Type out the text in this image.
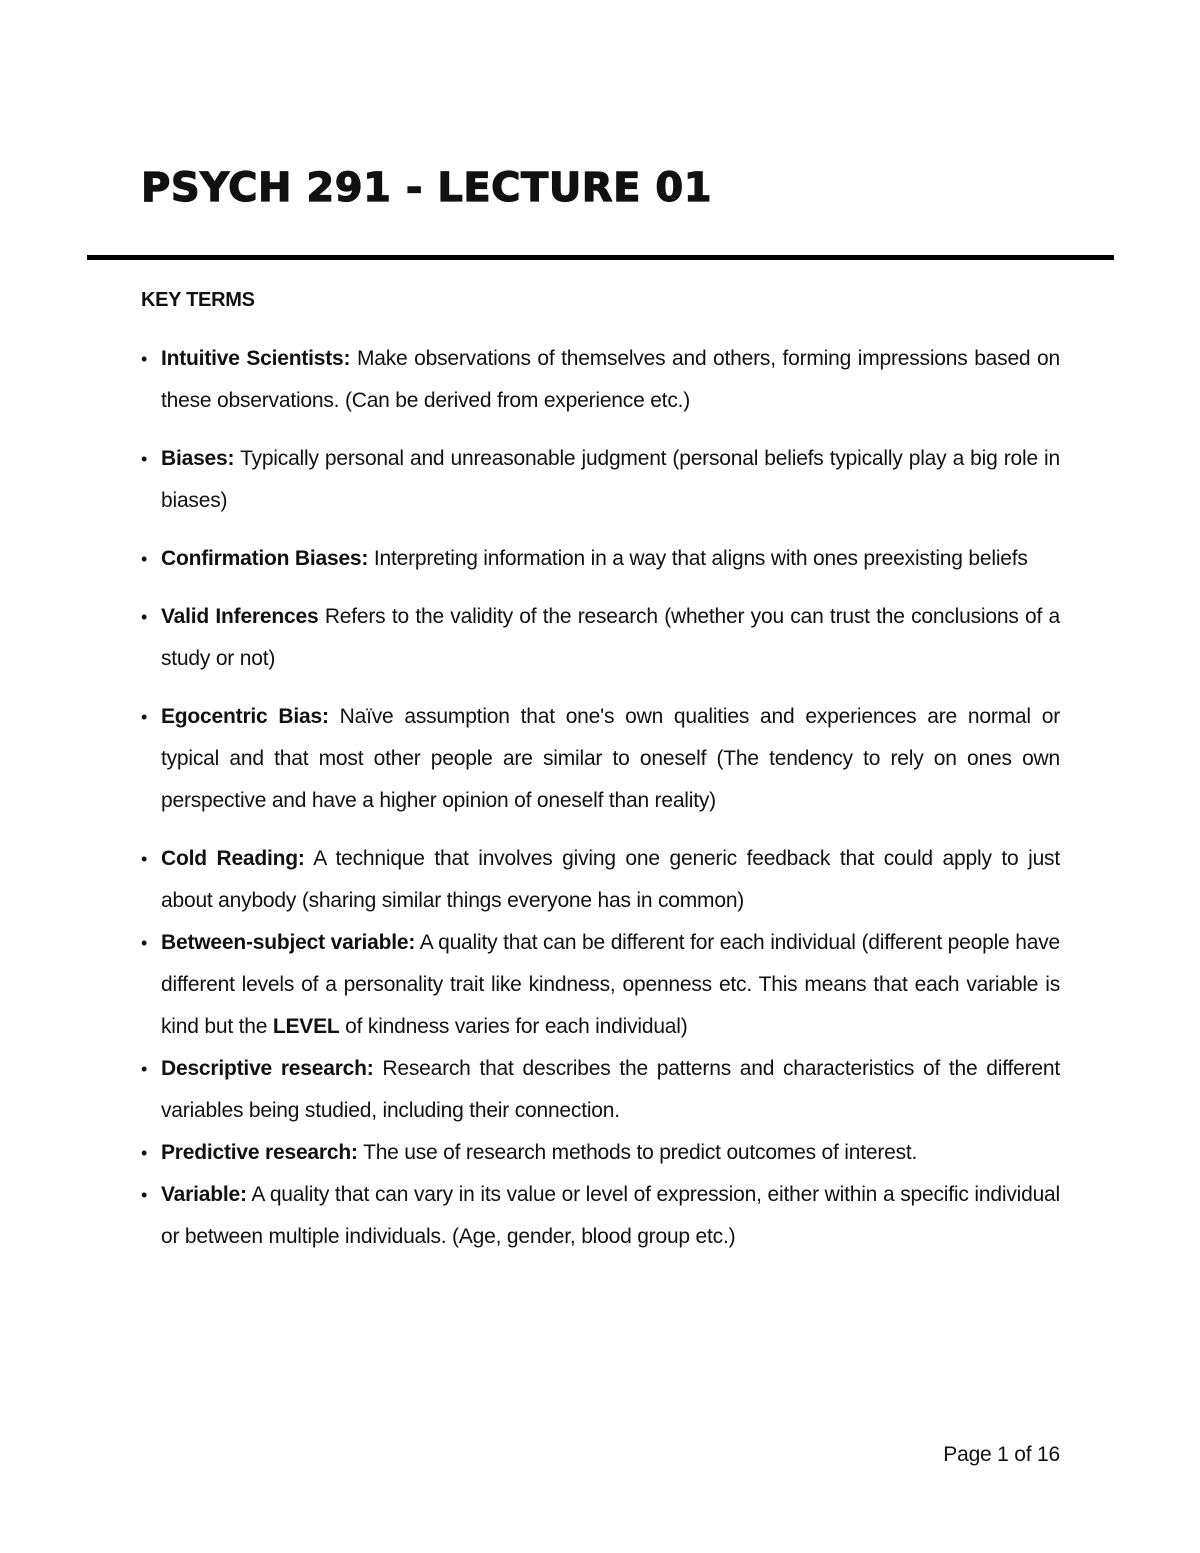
PSYCH 291 - LECTURE 01
KEY TERMS
• Intuitive Scientists: Make observations of themselves and others, forming impressions based on these observations. (Can be derived from experience etc.)
• Biases: Typically personal and unreasonable judgment (personal beliefs typically play a big role in biases)
• Confirmation Biases: Interpreting information in a way that aligns with ones preexisting beliefs
• Valid Inferences Refers to the validity of the research (whether you can trust the conclusions of a study or not)
• Egocentric Bias: Naïve assumption that one's own qualities and experiences are normal or typical and that most other people are similar to oneself (The tendency to rely on ones own perspective and have a higher opinion of oneself than reality)
• Cold Reading: A technique that involves giving one generic feedback that could apply to just about anybody (sharing similar things everyone has in common)
• Between-subject variable: A quality that can be different for each individual (different people have different levels of a personality trait like kindness, openness etc. This means that each variable is kind but the LEVEL of kindness varies for each individual)
• Descriptive research: Research that describes the patterns and characteristics of the different variables being studied, including their connection.
• Predictive research: The use of research methods to predict outcomes of interest.
• Variable: A quality that can vary in its value or level of expression, either within a specific individual or between multiple individuals. (Age, gender, blood group etc.)
Page 1 of 16
